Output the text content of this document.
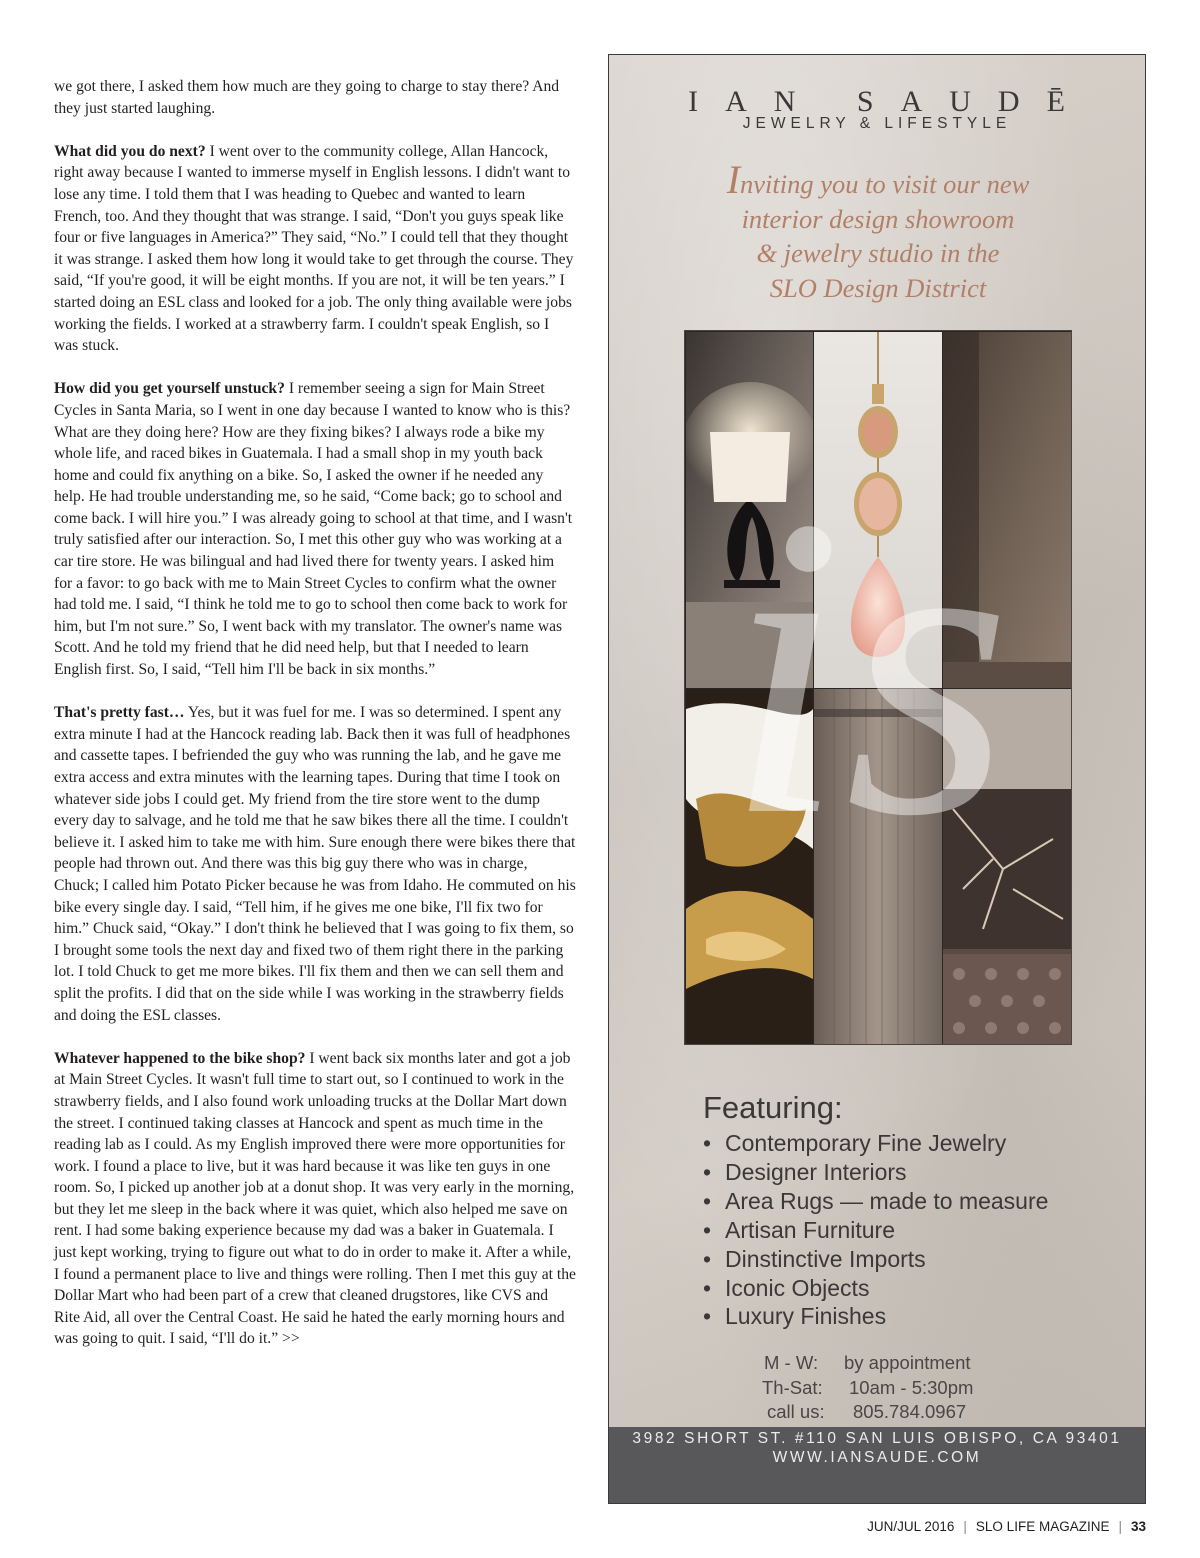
we got there, I asked them how much are they going to charge to stay there? And they just started laughing.

What did you do next? I went over to the community college, Allan Hancock, right away because I wanted to immerse myself in English lessons. I didn't want to lose any time. I told them that I was heading to Quebec and wanted to learn French, too. And they thought that was strange. I said, “Don't you guys speak like four or five languages in America?” They said, “No.” I could tell that they thought it was strange. I asked them how long it would take to get through the course. They said, “If you're good, it will be eight months. If you are not, it will be ten years.” I started doing an ESL class and looked for a job. The only thing available were jobs working the fields. I worked at a strawberry farm. I couldn't speak English, so I was stuck.

How did you get yourself unstuck? I remember seeing a sign for Main Street Cycles in Santa Maria, so I went in one day because I wanted to know who is this? What are they doing here? How are they fixing bikes? I always rode a bike my whole life, and raced bikes in Guatemala. I had a small shop in my youth back home and could fix anything on a bike. So, I asked the owner if he needed any help. He had trouble understanding me, so he said, “Come back; go to school and come back. I will hire you.” I was already going to school at that time, and I wasn't truly satisfied after our interaction. So, I met this other guy who was working at a car tire store. He was bilingual and had lived there for twenty years. I asked him for a favor: to go back with me to Main Street Cycles to confirm what the owner had told me. I said, “I think he told me to go to school then come back to work for him, but I'm not sure.” So, I went back with my translator. The owner's name was Scott. And he told my friend that he did need help, but that I needed to learn English first. So, I said, “Tell him I'll be back in six months.”

That's pretty fast… Yes, but it was fuel for me. I was so determined. I spent any extra minute I had at the Hancock reading lab. Back then it was full of headphones and cassette tapes. I befriended the guy who was running the lab, and he gave me extra access and extra minutes with the learning tapes. During that time I took on whatever side jobs I could get. My friend from the tire store went to the dump every day to salvage, and he told me that he saw bikes there all the time. I couldn't believe it. I asked him to take me with him. Sure enough there were bikes there that people had thrown out. And there was this big guy there who was in charge, Chuck; I called him Potato Picker because he was from Idaho. He commuted on his bike every single day. I said, “Tell him, if he gives me one bike, I'll fix two for him.” Chuck said, “Okay.” I don't think he believed that I was going to fix them, so I brought some tools the next day and fixed two of them right there in the parking lot. I told Chuck to get me more bikes. I'll fix them and then we can sell them and split the profits. I did that on the side while I was working in the strawberry fields and doing the ESL classes.

Whatever happened to the bike shop? I went back six months later and got a job at Main Street Cycles. It wasn't full time to start out, so I continued to work in the strawberry fields, and I also found work unloading trucks at the Dollar Mart down the street. I continued taking classes at Hancock and spent as much time in the reading lab as I could. As my English improved there were more opportunities for work. I found a place to live, but it was hard because it was like ten guys in one room. So, I picked up another job at a donut shop. It was very early in the morning, but they let me sleep in the back where it was quiet, which also helped me save on rent. I had some baking experience because my dad was a baker in Guatemala. I just kept working, trying to figure out what to do in order to make it. After a while, I found a permanent place to live and things were rolling. Then I met this guy at the Dollar Mart who had been part of a crew that cleaned drugstores, like CVS and Rite Aid, all over the Central Coast. He said he hated the early morning hours and was going to quit. I said, “I'll do it.” >>

IAN SAUDĒ
JEWELRY & LIFESTYLE
Inviting you to visit our new
interior design showroom
& jewelry studio in the
SLO Design District
is
Featuring:
• Contemporary Fine Jewelry
• Designer Interiors
• Area Rugs — made to measure
• Artisan Furniture
• Dinstinctive Imports
• Iconic Objects
• Luxury Finishes
M - W: by appointment
Th-Sat: 10am - 5:30pm
call us: 805.784.0967
3982 SHORT ST. #110 SAN LUIS OBISPO, CA 93401
WWW.IANSAUDE.COM
JUN/JUL 2016 | SLO LIFE MAGAZINE | 33
